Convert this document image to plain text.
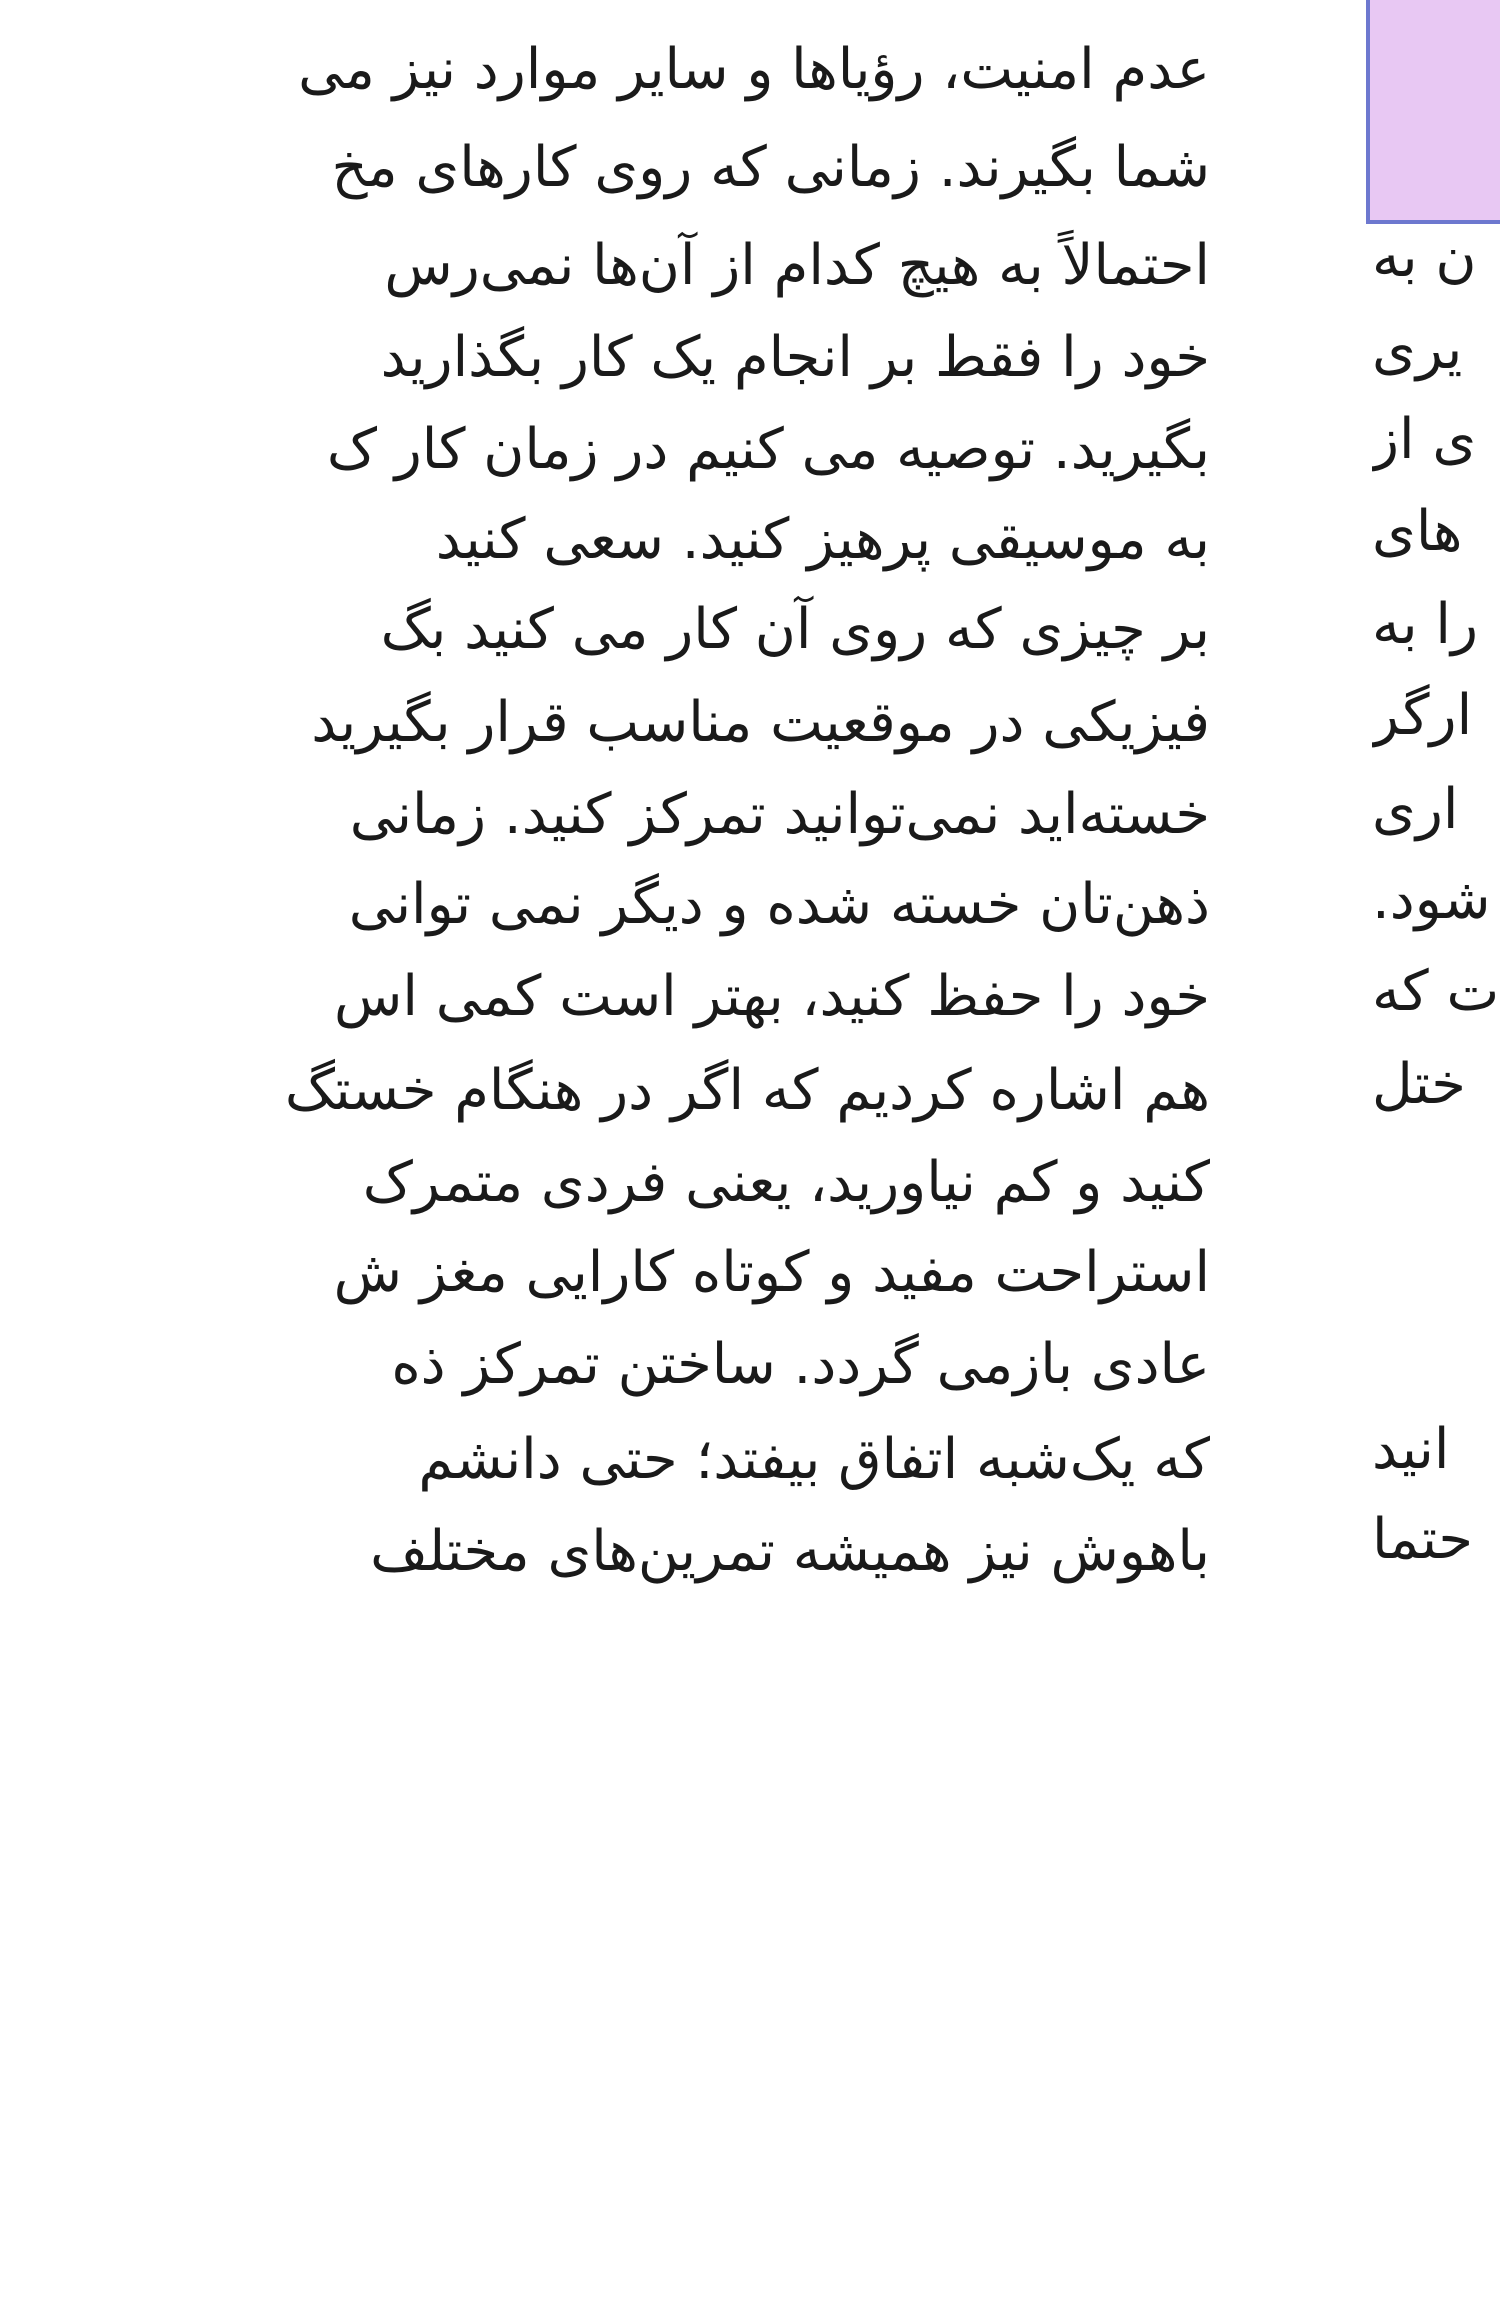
عدم امنیت، رؤیاها و سایر موارد نیز می
شما بگیرند. زمانی که روی کارهای مخ
احتمالاً به هیچ کدام از آن‌ها نمی‌رس
خود را فقط بر انجام یک کار بگذارید
بگیرید. توصیه می کنیم در زمان کار ک
به موسیقی پرهیز کنید. سعی کنید
بر چیزی که روی آن کار می کنید بگ
فیزیکی در موقعیت مناسب قرار بگیرید
خسته‌اید نمی‌توانید تمرکز کنید. زمانی
ذهن‌تان خسته شده و دیگر نمی توانی
خود را حفظ کنید، بهتر است کمی اس
هم اشاره کردیم که اگر در هنگام خستگ
کنید و کم نیاورید، یعنی فردی متمرک
استراحت مفید و کوتاه کارایی مغز ش
عادی بازمی گردد. ساختن تمرکز ذه
که یک‌شبه اتفاق بیفتد؛ حتی دانشم
باهوش نیز همیشه تمرین‌های مختلف
ن به
یری
ی از
های
را به
ارگر
اری
شود.
ت که
ختل
انید
حتما
